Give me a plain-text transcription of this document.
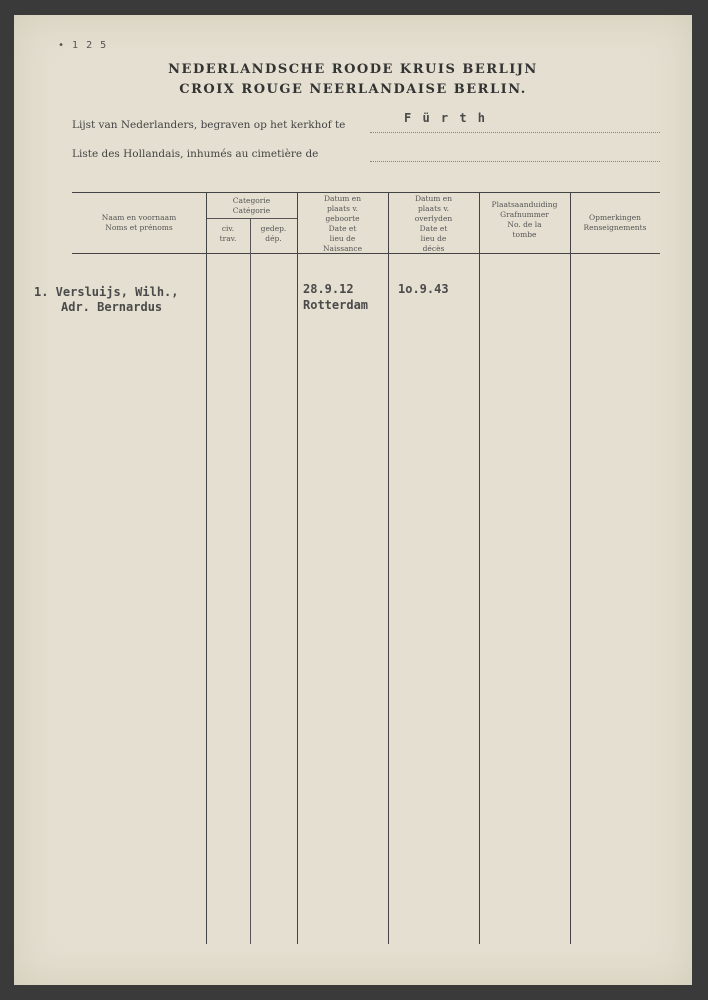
• 1 2 5
NEDERLANDSCHE ROODE KRUIS BERLIJN
CROIX ROUGE NEERLANDAISE BERLIN.
Lijst van Nederlanders, begraven op het kerkhof te	F ü r t h
Liste des Hollandais, inhumés au cimetière de
Naam en voornaam
Noms et prénoms
Categorie
Catégorie
civ.
trav.
gedep.
dép.
Datum en
plaats v.
geboorte
Date et
lieu de
Naissance
Datum en
plaats v.
overlyden
Date et
lieu de
décès
Plaatsaanduiding
Grafnummer
No. de la
tombe
Opmerkingen
Renseignements
1. Versluijs, Wilh.,
Adr. Bernardus
28.9.12
Rotterdam
1o.9.43
